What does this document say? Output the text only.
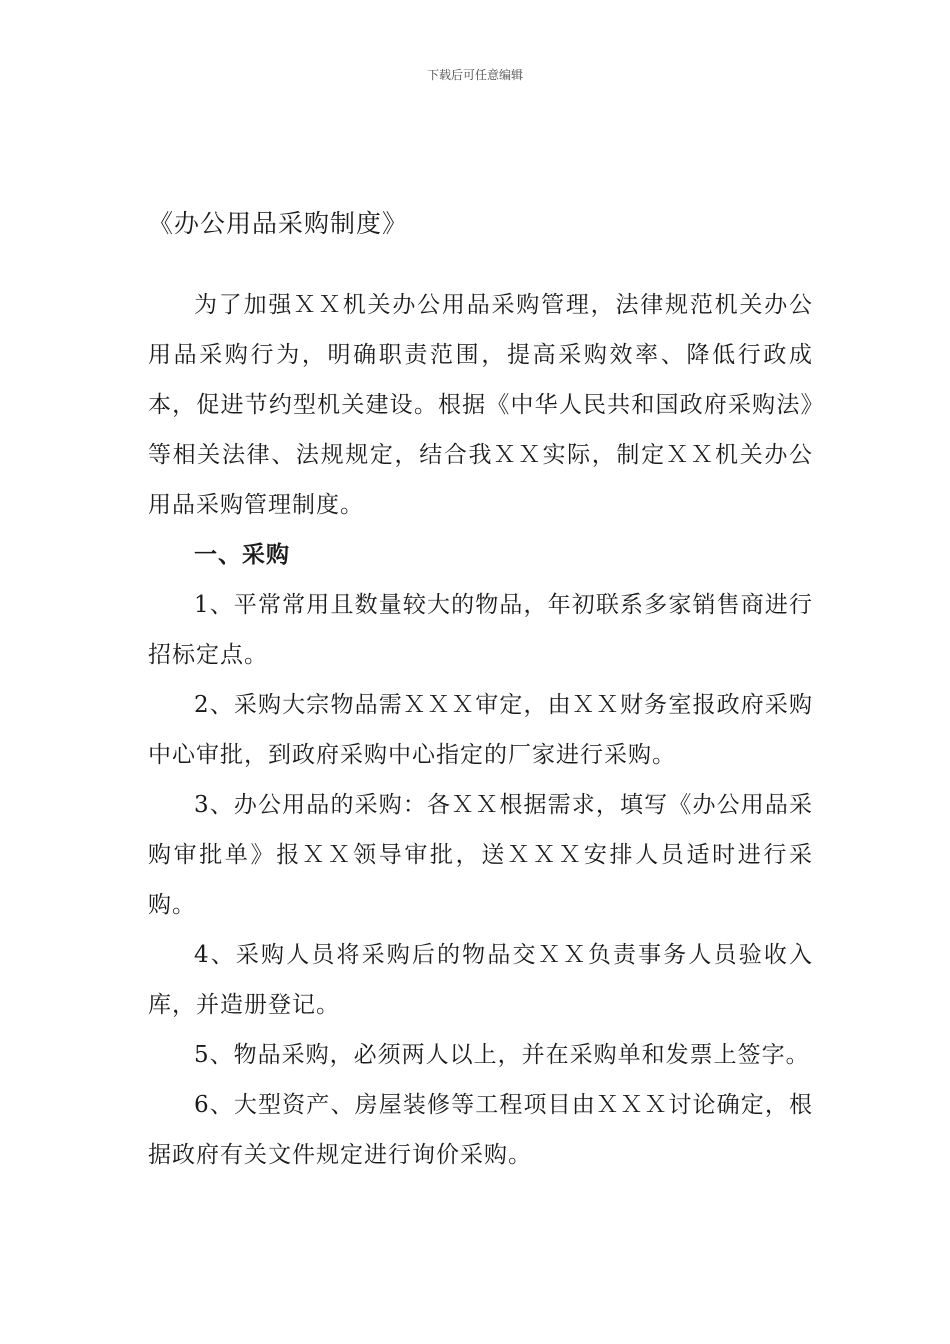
下载后可任意编辑
《办公用品采购制度》

为了加强ＸＸ机关办公用品采购管理，法律规范机关办公用品采购行为，明确职责范围，提高采购效率、降低行政成本，促进节约型机关建设。根据《中华人民共和国政府采购法》等相关法律、法规规定，结合我ＸＸ实际，制定ＸＸ机关办公用品采购管理制度。

一、采购

1、平常常用且数量较大的物品，年初联系多家销售商进行招标定点。

2、采购大宗物品需ＸＸＸ审定，由ＸＸ财务室报政府采购中心审批，到政府采购中心指定的厂家进行采购。

3、办公用品的采购：各ＸＸ根据需求，填写《办公用品采购审批单》报ＸＸ领导审批，送ＸＸＸ安排人员适时进行采购。

4、采购人员将采购后的物品交ＸＸ负责事务人员验收入库，并造册登记。

5、物品采购，必须两人以上，并在采购单和发票上签字。

6、大型资产、房屋装修等工程项目由ＸＸＸ讨论确定，根据政府有关文件规定进行询价采购。
